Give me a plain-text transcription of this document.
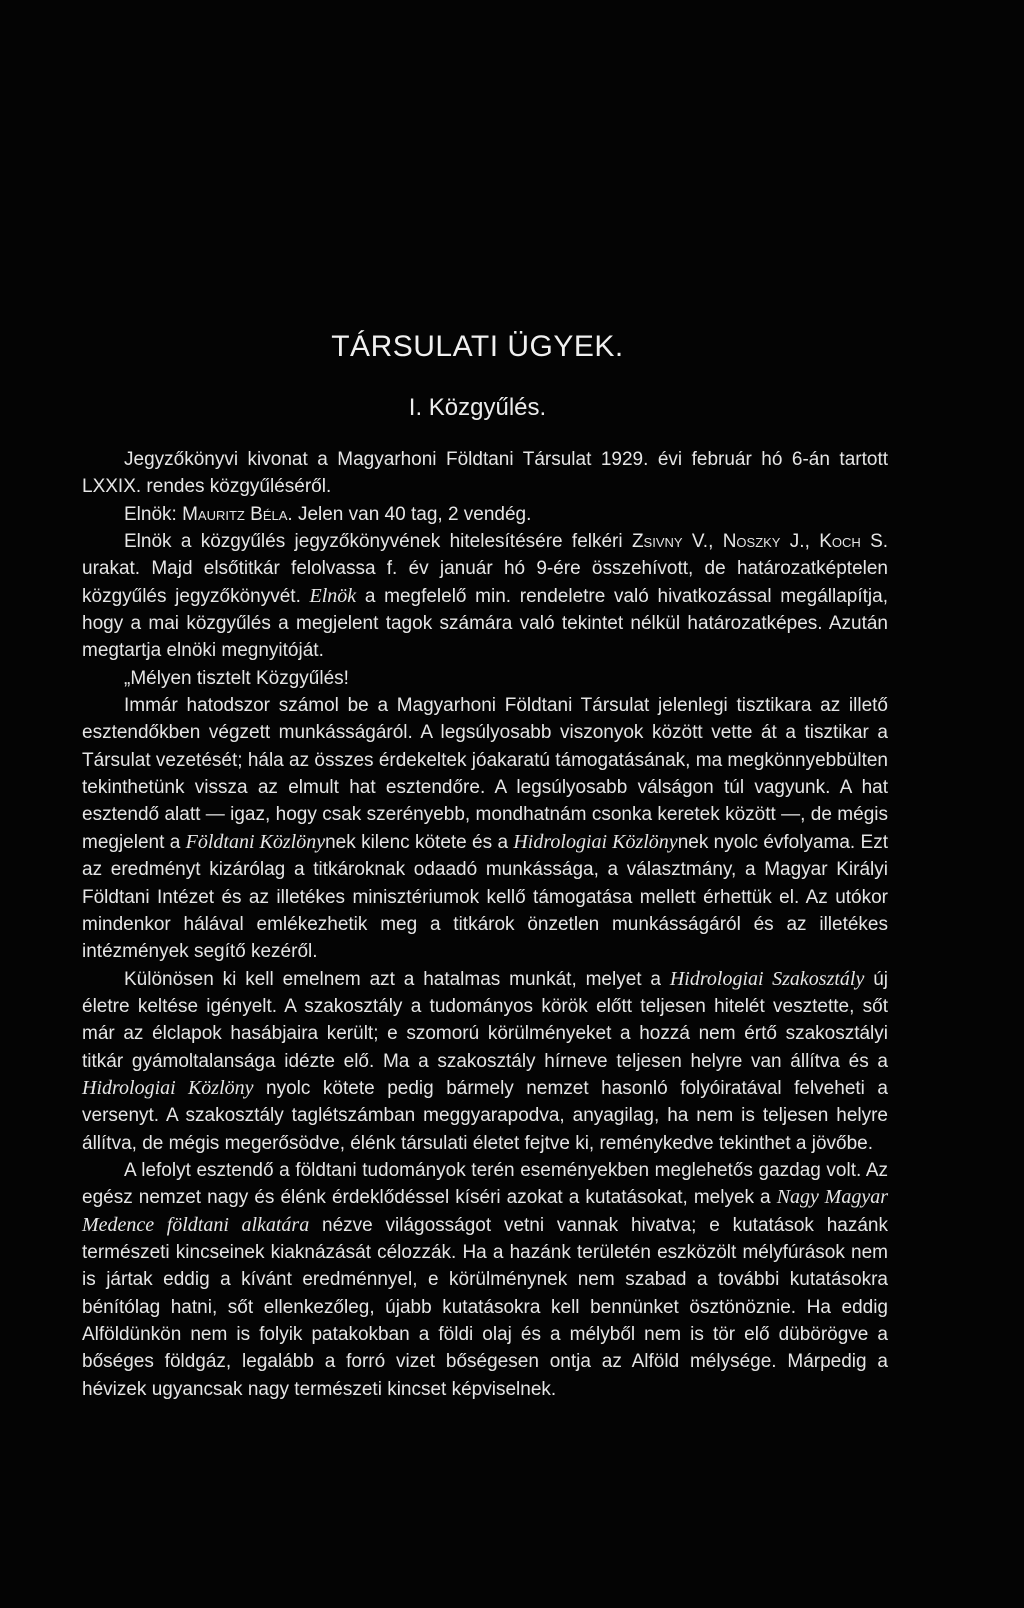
TÁRSULATI ÜGYEK.
I. Közgyűlés.

Jegyzőkönyvi kivonat a Magyarhoni Földtani Társulat 1929. évi február hó 6-án tartott LXXIX. rendes közgyűléséről.

Elnök: Mauritz Béla. Jelen van 40 tag, 2 vendég.

Elnök a közgyűlés jegyzőkönyvének hitelesítésére felkéri Zsivny V., Noszky J., Koch S. urakat. Majd elsőtitkár felolvassa f. év január hó 9-ére összehívott, de határozatképtelen közgyűlés jegyzőkönyvét. Elnök a megfelelő min. rendeletre való hivatkozással megállapítja, hogy a mai közgyűlés a megjelent tagok számára való tekintet nélkül határozatképes. Azután megtartja elnöki megnyitóját.

„Mélyen tisztelt Közgyűlés!

Immár hatodszor számol be a Magyarhoni Földtani Társulat jelenlegi tisztikara az illető esztendőkben végzett munkásságáról. A legsúlyosabb viszonyok között vette át a tisztikar a Társulat vezetését; hála az összes érdekeltek jóakaratú támogatásának, ma megkönnyebbülten tekinthetünk vissza az elmult hat esztendőre. A legsúlyosabb válságon túl vagyunk. A hat esztendő alatt — igaz, hogy csak szerényebb, mondhatnám csonka keretek között —, de mégis megjelent a Földtani Közlönynek kilenc kötete és a Hidrologiai Közlönynek nyolc évfolyama. Ezt az eredményt kizárólag a titkároknak odaadó munkássága, a választmány, a Magyar Királyi Földtani Intézet és az illetékes minisztériumok kellő támogatása mellett érhettük el. Az utókor mindenkor hálával emlékezhetik meg a titkárok önzetlen munkásságáról és az illetékes intézmények segítő kezéről.

Különösen ki kell emelnem azt a hatalmas munkát, melyet a Hidrologiai Szakosztály új életre keltése igényelt. A szakosztály a tudományos körök előtt teljesen hitelét vesztette, sőt már az élclapok hasábjaira került; e szomorú körülményeket a hozzá nem értő szakosztályi titkár gyámoltalansága idézte elő. Ma a szakosztály hírneve teljesen helyre van állítva és a Hidrologiai Közlöny nyolc kötete pedig bármely nemzet hasonló folyóiratával felveheti a versenyt. A szakosztály taglétszámban meggyarapodva, anyagilag, ha nem is teljesen helyre állítva, de mégis megerősödve, élénk társulati életet fejtve ki, reménykedve tekinthet a jövőbe.

A lefolyt esztendő a földtani tudományok terén eseményekben meglehetős gazdag volt. Az egész nemzet nagy és élénk érdeklődéssel kíséri azokat a kutatásokat, melyek a Nagy Magyar Medence földtani alkatára nézve világosságot vetni vannak hivatva; e kutatások hazánk természeti kincseinek kiaknázását célozzák. Ha a hazánk területén eszközölt mélyfúrások nem is jártak eddig a kívánt eredménnyel, e körülménynek nem szabad a további kutatásokra bénítólag hatni, sőt ellenkezőleg, újabb kutatásokra kell bennünket ösztönöznie. Ha eddig Alföldünkön nem is folyik patakokban a földi olaj és a mélyből nem is tör elő dübörögve a bőséges földgáz, legalább a forró vizet bőségesen ontja az Alföld mélysége. Márpedig a hévizek ugyancsak nagy természeti kincset képviselnek.
